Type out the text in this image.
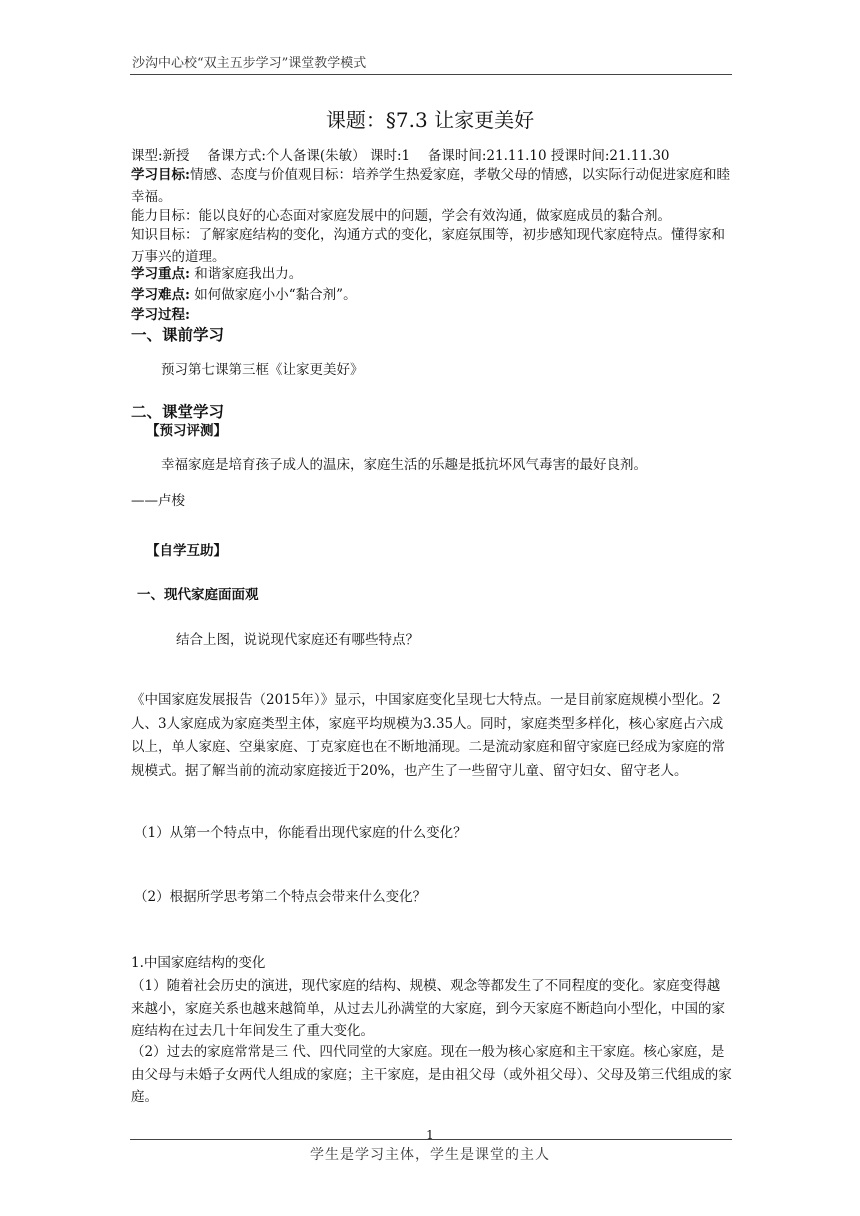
沙沟中心校“双主五步学习”课堂教学模式
课题：§7.3 让家更美好
课型:新授　 备课方式:个人备课(朱敏） 课时:1　 备课时间:21.11.10 授课时间:21.11.30
学习目标:情感、态度与价值观目标：培养学生热爱家庭，孝敬父母的情感，以实际行动促进家庭和睦幸福。
能力目标：能以良好的心态面对家庭发展中的问题，学会有效沟通，做家庭成员的黏合剂。
知识目标：了解家庭结构的变化，沟通方式的变化，家庭氛围等，初步感知现代家庭特点。懂得家和万事兴的道理。
学习重点: 和谐家庭我出力。
学习难点: 如何做家庭小小“黏合剂”。
学习过程:
一、课前学习
预习第七课第三框《让家更美好》
二、课堂学习
【预习评测】
幸福家庭是培育孩子成人的温床，家庭生活的乐趣是抵抗坏风气毒害的最好良剂。
——卢梭
【自学互助】
一、现代家庭面面观
结合上图，说说现代家庭还有哪些特点？
《中国家庭发展报告（2015年）》显示，中国家庭变化呈现七大特点。一是目前家庭规模小型化。2人、3人家庭成为家庭类型主体，家庭平均规模为3.35人。同时，家庭类型多样化，核心家庭占六成以上，单人家庭、空巢家庭、丁克家庭也在不断地涌现。二是流动家庭和留守家庭已经成为家庭的常规模式。据了解当前的流动家庭接近于20%，也产生了一些留守儿童、留守妇女、留守老人。
（1）从第一个特点中，你能看出现代家庭的什么变化？
（2）根据所学思考第二个特点会带来什么变化？
1.中国家庭结构的变化
（1）随着社会历史的演进，现代家庭的结构、规模、观念等都发生了不同程度的变化。家庭变得越来越小，家庭关系也越来越简单，从过去儿孙满堂的大家庭，到今天家庭不断趋向小型化，中国的家庭结构在过去几十年间发生了重大变化。
（2）过去的家庭常常是三 代、四代同堂的大家庭。现在一般为核心家庭和主干家庭。核心家庭，是由父母与未婚子女两代人组成的家庭；主干家庭，是由祖父母（或外祖父母）、父母及第三代组成的家庭。
1
学生是学习主体，学生是课堂的主人
